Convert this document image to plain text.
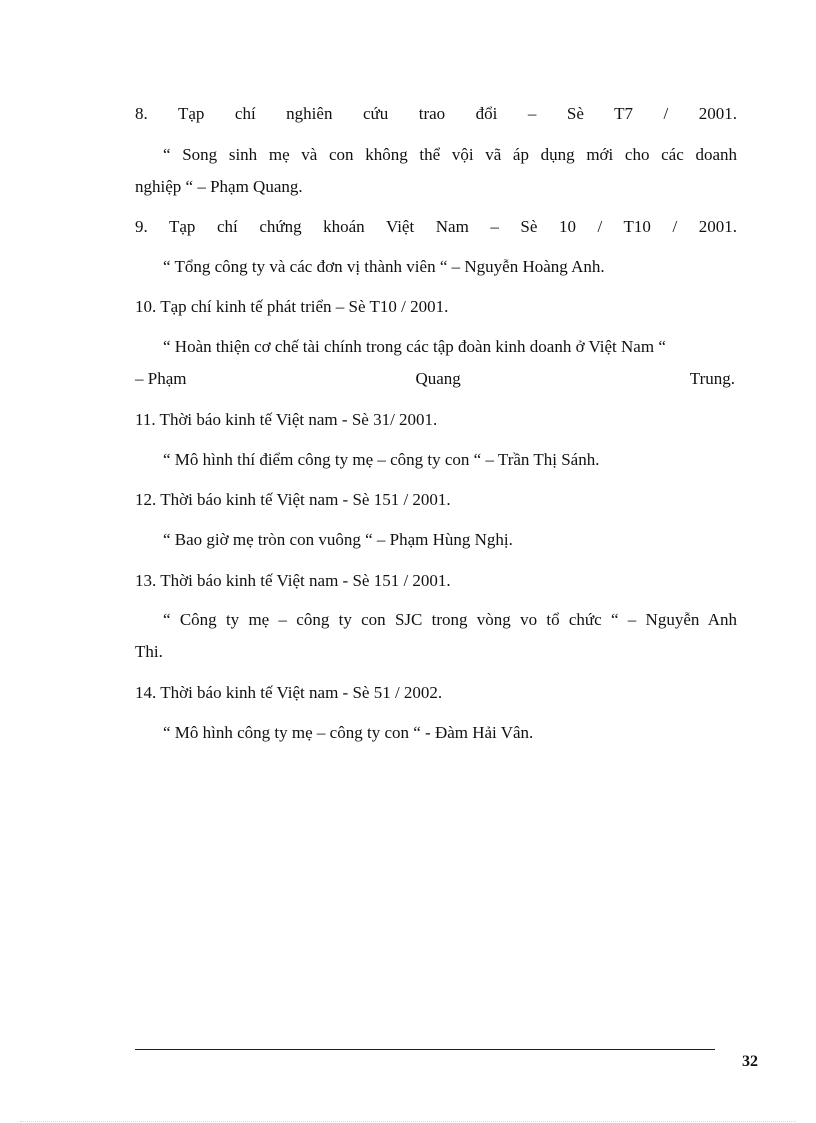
8. Tạp chí nghiên cứu trao đổi – Sè T7 / 2001.
“ Song sinh mẹ và con không thể vội vã áp dụng mới cho các doanh
nghiệp “ – Phạm Quang.
9. Tạp chí chứng khoán Việt Nam – Sè 10 / T10 / 2001.
“ Tổng công ty và các đơn vị thành viên “ – Nguyễn Hoàng Anh.
10. Tạp chí kinh tế phát triển – Sè T10 / 2001.
“ Hoàn thiện cơ chế tài chính trong các tập đoàn kinh doanh ở Việt Nam “
– Phạm	Quang	Trung.
11. Thời báo kinh tế Việt nam - Sè 31/ 2001.
“ Mô hình thí điểm công ty mẹ – công ty con “ – Trần Thị Sánh.
12. Thời báo kinh tế Việt nam - Sè 151 / 2001.
“ Bao giờ mẹ tròn con vuông “ – Phạm Hùng Nghị.
13. Thời báo kinh tế Việt nam - Sè 151 / 2001.
“ Công ty mẹ – công ty con SJC trong vòng vo tổ chức “ – Nguyễn Anh
Thi.
14. Thời báo kinh tế Việt nam - Sè 51 / 2002.
“ Mô hình công ty mẹ – công ty con “ - Đàm Hải Vân.
32
